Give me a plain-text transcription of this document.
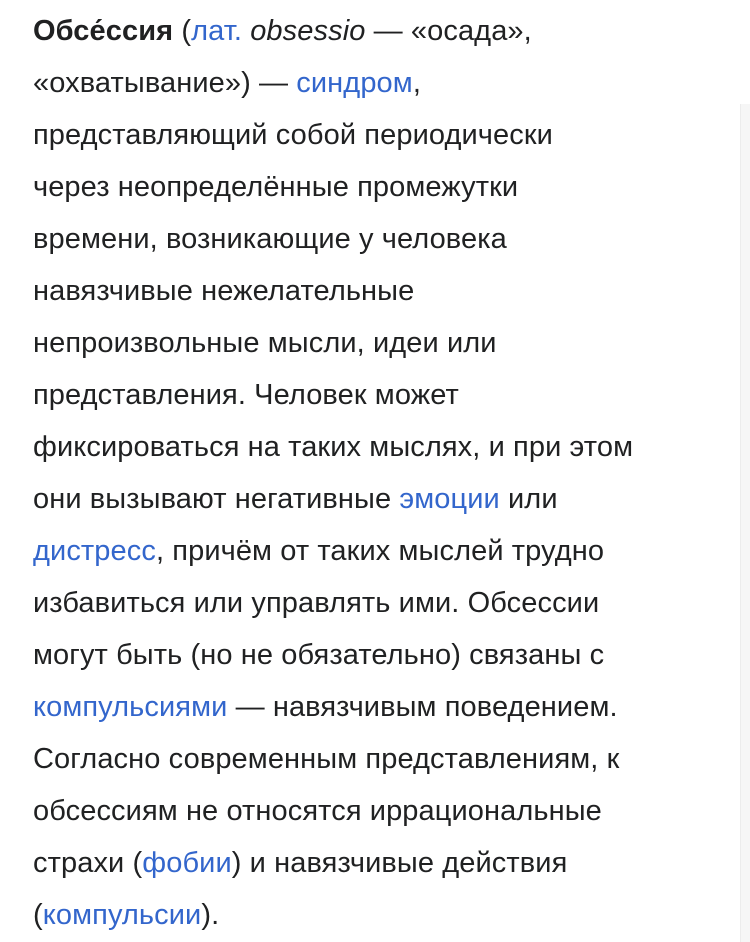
Обсе́ссия (лат. obsessio — «осада»,
«охватывание») — синдром,
представляющий собой периодически
через неопределённые промежутки
времени, возникающие у человека
навязчивые нежелательные
непроизвольные мысли, идеи или
представления. Человек может
фиксироваться на таких мыслях, и при этом
они вызывают негативные эмоции или
дистресс, причём от таких мыслей трудно
избавиться или управлять ими. Обсессии
могут быть (но не обязательно) связаны с
компульсиями — навязчивым поведением.
Согласно современным представлениям, к
обсессиям не относятся иррациональные
страхи (фобии) и навязчивые действия
(компульсии).
